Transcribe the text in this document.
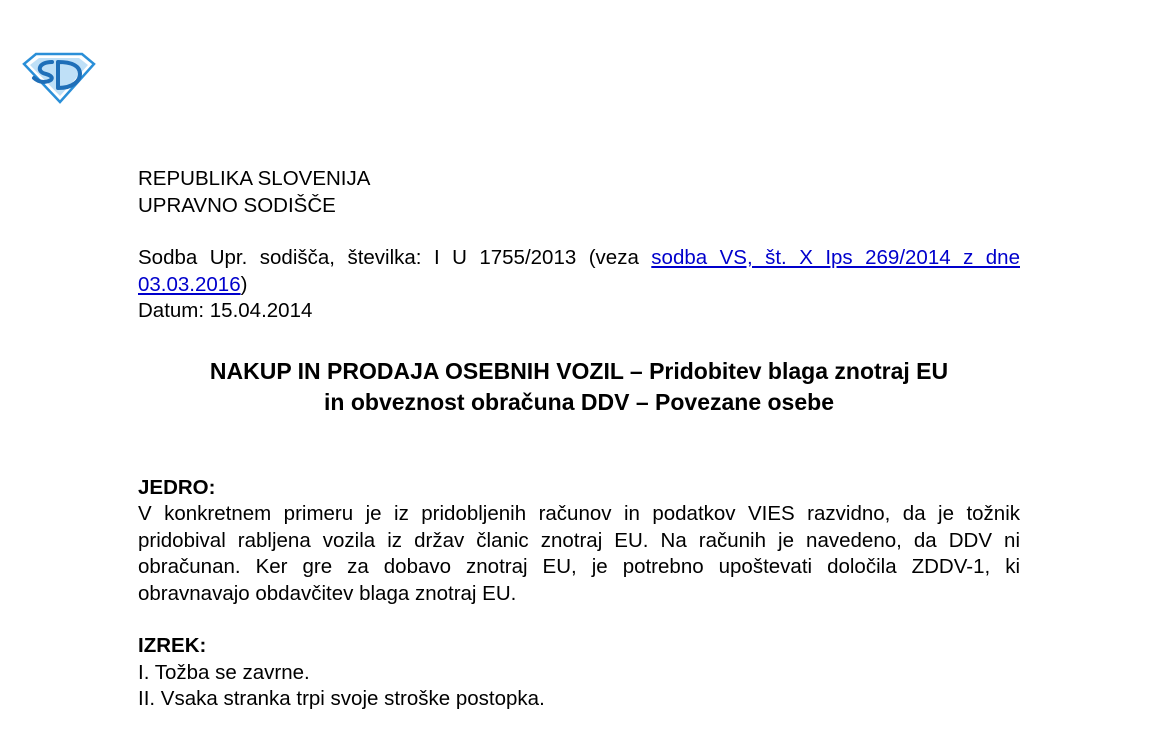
REPUBLIKA SLOVENIJA
UPRAVNO SODIŠČE
Sodba Upr. sodišča, številka: I U 1755/2013 (veza sodba VS, št. X Ips 269/2014 z dne 03.03.2016)
Datum: 15.04.2014
NAKUP IN PRODAJA OSEBNIH VOZIL – Pridobitev blaga znotraj EU
in obveznost obračuna DDV – Povezane osebe
JEDRO:
V konkretnem primeru je iz pridobljenih računov in podatkov VIES razvidno, da je tožnik pridobival rabljena vozila iz držav članic znotraj EU. Na računih je navedeno, da DDV ni obračunan. Ker gre za dobavo znotraj EU, je potrebno upoštevati določila ZDDV-1, ki obravnavajo obdavčitev blaga znotraj EU.
IZREK:
I. Tožba se zavrne.
II. Vsaka stranka trpi svoje stroške postopka.
